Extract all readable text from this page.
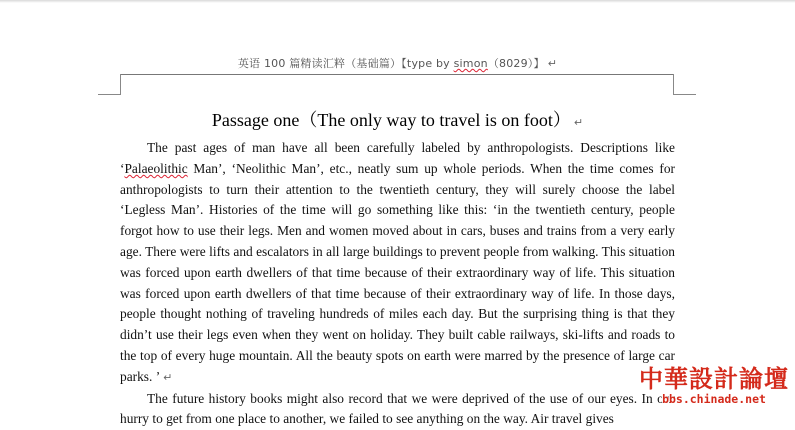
英语 100 篇精读汇粹（基础篇）【type by simon（8029）】 ↵
Passage one（The only way to travel is on foot） ↵

The past ages of man have all been carefully labeled by anthropologists. Descriptions like ‘Palaeolithic Man’, ‘Neolithic Man’, etc., neatly sum up whole periods. When the time comes for anthropologists to turn their attention to the twentieth century, they will surely choose the label ‘Legless Man’. Histories of the time will go something like this: ‘in the twentieth century, people forgot how to use their legs. Men and women moved about in cars, buses and trains from a very early age. There were lifts and escalators in all large buildings to prevent people from walking. This situation was forced upon earth dwellers of that time because of their extraordinary way of life. This situation was forced upon earth dwellers of that time because of their extraordinary way of life. In those days, people thought nothing of traveling hundreds of miles each day. But the surprising thing is that they didn’t use their legs even when they went on holiday. They built cable railways, ski-lifts and roads to the top of every huge mountain. All the beauty spots on earth were marred by the presence of large car parks. ’ ↵

The future history books might also record that we were deprived of the use of our eyes. In our hurry to get from one place to another, we failed to see anything on the way. Air travel gives

中華設計論壇
bbs.chinade.net
